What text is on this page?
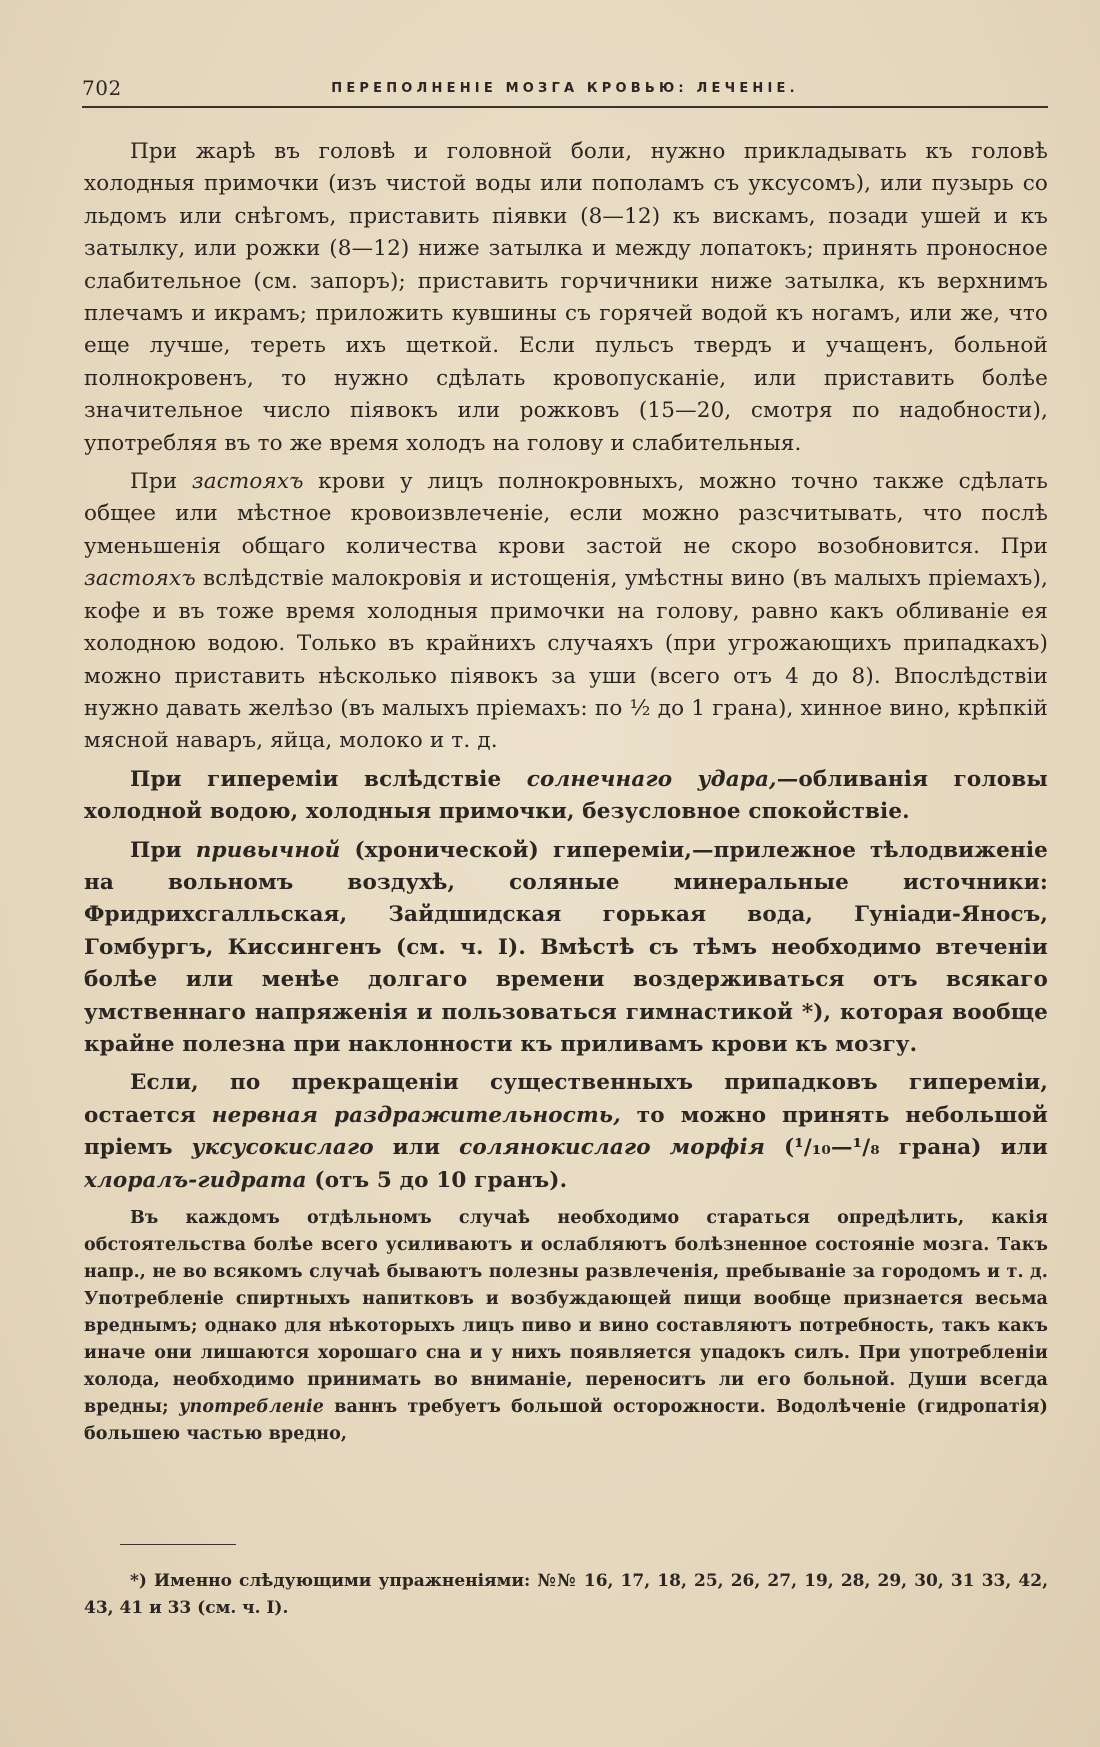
702	ПЕРЕПОЛНЕНІЕ МОЗГА КРОВЬЮ: ЛЕЧЕНІЕ.

При жарѣ въ головѣ и головной боли, нужно прикладывать къ головѣ холодныя примочки (изъ чистой воды или пополамъ съ уксусомъ), или пузырь со льдомъ или снѣгомъ, приставить піявки (8—12) къ вискамъ, позади ушей и къ затылку, или рожки (8—12) ниже затылка и между лопатокъ; принять проносное слабительное (см. запоръ); приставить горчичники ниже затылка, къ верхнимъ плечамъ и икрамъ; приложить кувшины съ горячей водой къ ногамъ, или же, что еще лучше, тереть ихъ щеткой. Если пульсъ твердъ и учащенъ, больной полнокровенъ, то нужно сдѣлать кровопусканіе, или приставить болѣе значительное число піявокъ или рожковъ (15—20, смотря по надобности), употребляя въ то же время холодъ на голову и слабительныя.

При застояхъ крови у лицъ полнокровныхъ, можно точно также сдѣлать общее или мѣстное кровоизвлеченіе, если можно разсчитывать, что послѣ уменьшенія общаго количества крови застой не скоро возобновится. При застояхъ вслѣдствіе малокровія и истощенія, умѣстны вино (въ малыхъ пріемахъ), кофе и въ тоже время холодныя примочки на голову, равно какъ обливаніе ея холодною водою. Только въ крайнихъ случаяхъ (при угрожающихъ припадкахъ) можно приставить нѣсколько піявокъ за уши (всего отъ 4 до 8). Впослѣдствіи нужно давать желѣзо (въ малыхъ пріемахъ: по ½ до 1 грана), хинное вино, крѣпкій мясной наваръ, яйца, молоко и т. д.

При гипереміи вслѣдствіе солнечнаго удара,—обливанія головы холодной водою, холодныя примочки, безусловное спокойствіе.

При привычной (хронической) гипереміи,—прилежное тѣлодвиженіе на вольномъ воздухѣ, соляные минеральные источники: Фридрихсгалльская, Зайдшидская горькая вода, Гуніади-Яносъ, Гомбургъ, Киссингенъ (см. ч. I). Вмѣстѣ съ тѣмъ необходимо втеченіи болѣе или менѣе долгаго времени воздерживаться отъ всякаго умственнаго напряженія и пользоваться гимнастикой *), которая вообще крайне полезна при наклонности къ приливамъ крови къ мозгу.

Если, по прекращеніи существенныхъ припадковъ гипереміи, остается нервная раздражительность, то можно принять небольшой пріемъ уксусокислаго или солянокислаго морфія (¹/₁₀—¹/₈ грана) или хлоралъ-гидрата (отъ 5 до 10 гранъ).

Въ каждомъ отдѣльномъ случаѣ необходимо стараться опредѣлить, какія обстоятельства болѣе всего усиливаютъ и ослабляютъ болѣзненное состояніе мозга. Такъ напр., не во всякомъ случаѣ бываютъ полезны развлеченія, пребываніе за городомъ и т. д. Употребленіе спиртныхъ напитковъ и возбуждающей пищи вообще признается весьма вреднымъ; однако для нѣкоторыхъ лицъ пиво и вино составляютъ потребность, такъ какъ иначе они лишаются хорошаго сна и у нихъ появляется упадокъ силъ. При употребленіи холода, необходимо принимать во вниманіе, переноситъ ли его больной. Души всегда вредны; употребленіе ваннъ требуетъ большой осторожности. Водолѣченіе (гидропатія) большею частью вредно,

*) Именно слѣдующими упражненіями: №№ 16, 17, 18, 25, 26, 27, 19, 28, 29, 30, 31 33, 42, 43, 41 и 33 (см. ч. I).
